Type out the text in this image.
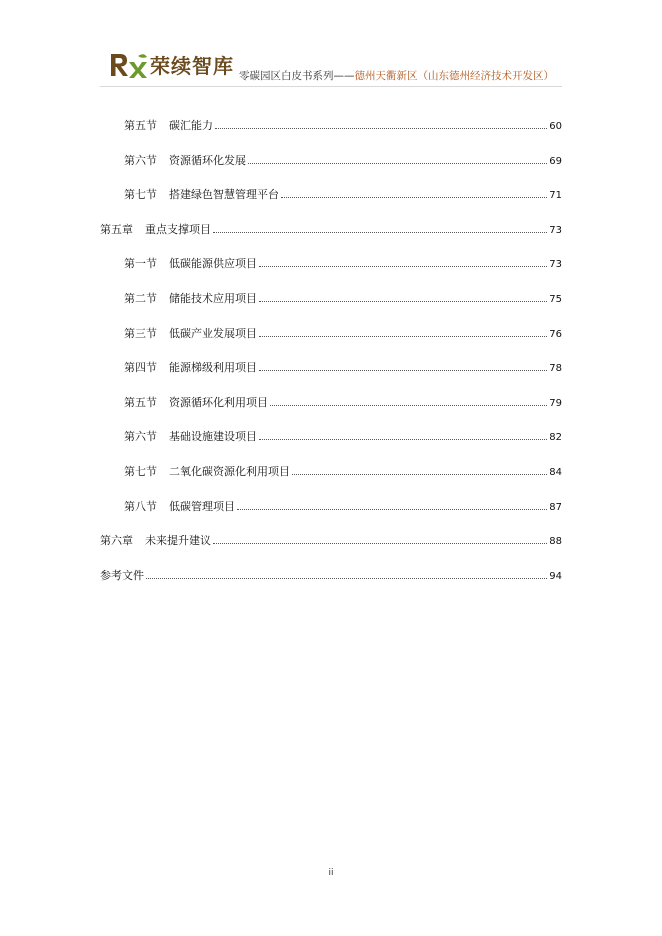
荣续智库 零碳园区白皮书系列——德州天衢新区（山东德州经济技术开发区）
第五节 碳汇能力	60
第六节 资源循环化发展	69
第七节 搭建绿色智慧管理平台	71
第五章 重点支撑项目	73
第一节 低碳能源供应项目	73
第二节 储能技术应用项目	75
第三节 低碳产业发展项目	76
第四节 能源梯级利用项目	78
第五节 资源循环化利用项目	79
第六节 基础设施建设项目	82
第七节 二氧化碳资源化利用项目	84
第八节 低碳管理项目	87
第六章 未来提升建议	88
参考文件	94
ii
